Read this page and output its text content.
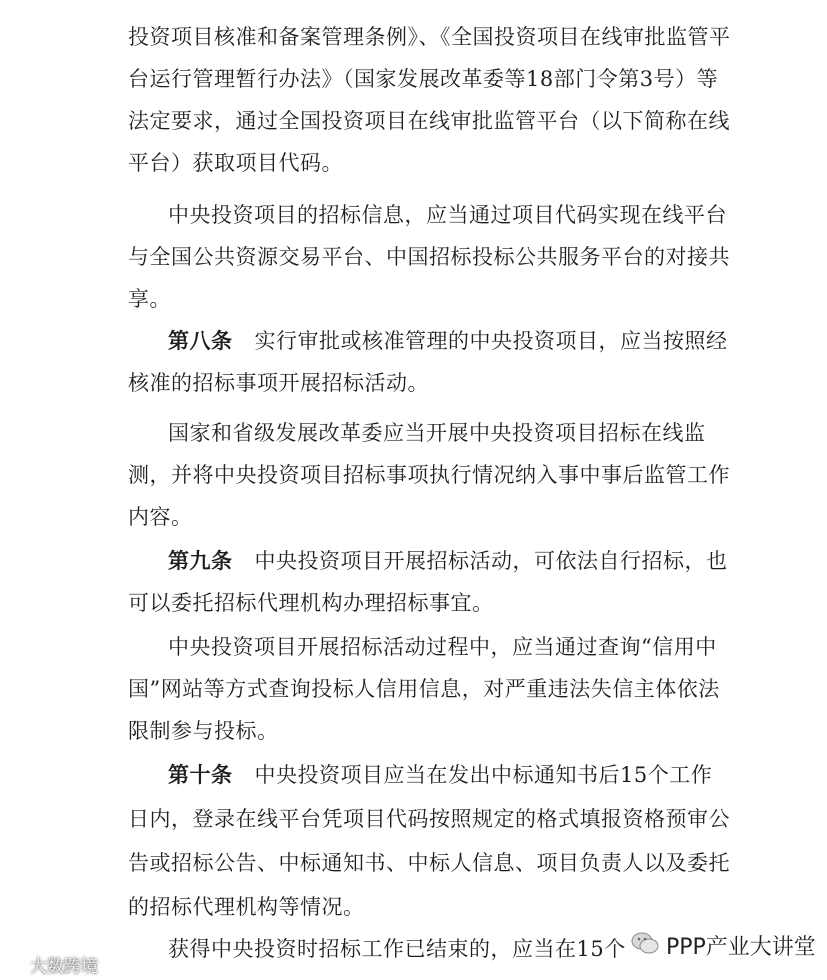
投资项目核准和备案管理条例》、《全国投资项目在线审批监管平
台运行管理暂行办法》（国家发展改革委等18部门令第3号）等
法定要求，通过全国投资项目在线审批监管平台（以下简称在线
平台）获取项目代码。
中央投资项目的招标信息，应当通过项目代码实现在线平台
与全国公共资源交易平台、中国招标投标公共服务平台的对接共
享。
第八条 实行审批或核准管理的中央投资项目，应当按照经
核准的招标事项开展招标活动。
国家和省级发展改革委应当开展中央投资项目招标在线监
测，并将中央投资项目招标事项执行情况纳入事中事后监管工作
内容。
第九条 中央投资项目开展招标活动，可依法自行招标，也
可以委托招标代理机构办理招标事宜。
中央投资项目开展招标活动过程中，应当通过查询“信用中
国”网站等方式查询投标人信用信息，对严重违法失信主体依法
限制参与投标。
第十条 中央投资项目应当在发出中标通知书后15个工作
日内，登录在线平台凭项目代码按照规定的格式填报资格预审公
告或招标公告、中标通知书、中标人信息、项目负责人以及委托
的招标代理机构等情况。
获得中央投资时招标工作已结束的，应当在15个
大数跨境
PPP产业大讲堂
